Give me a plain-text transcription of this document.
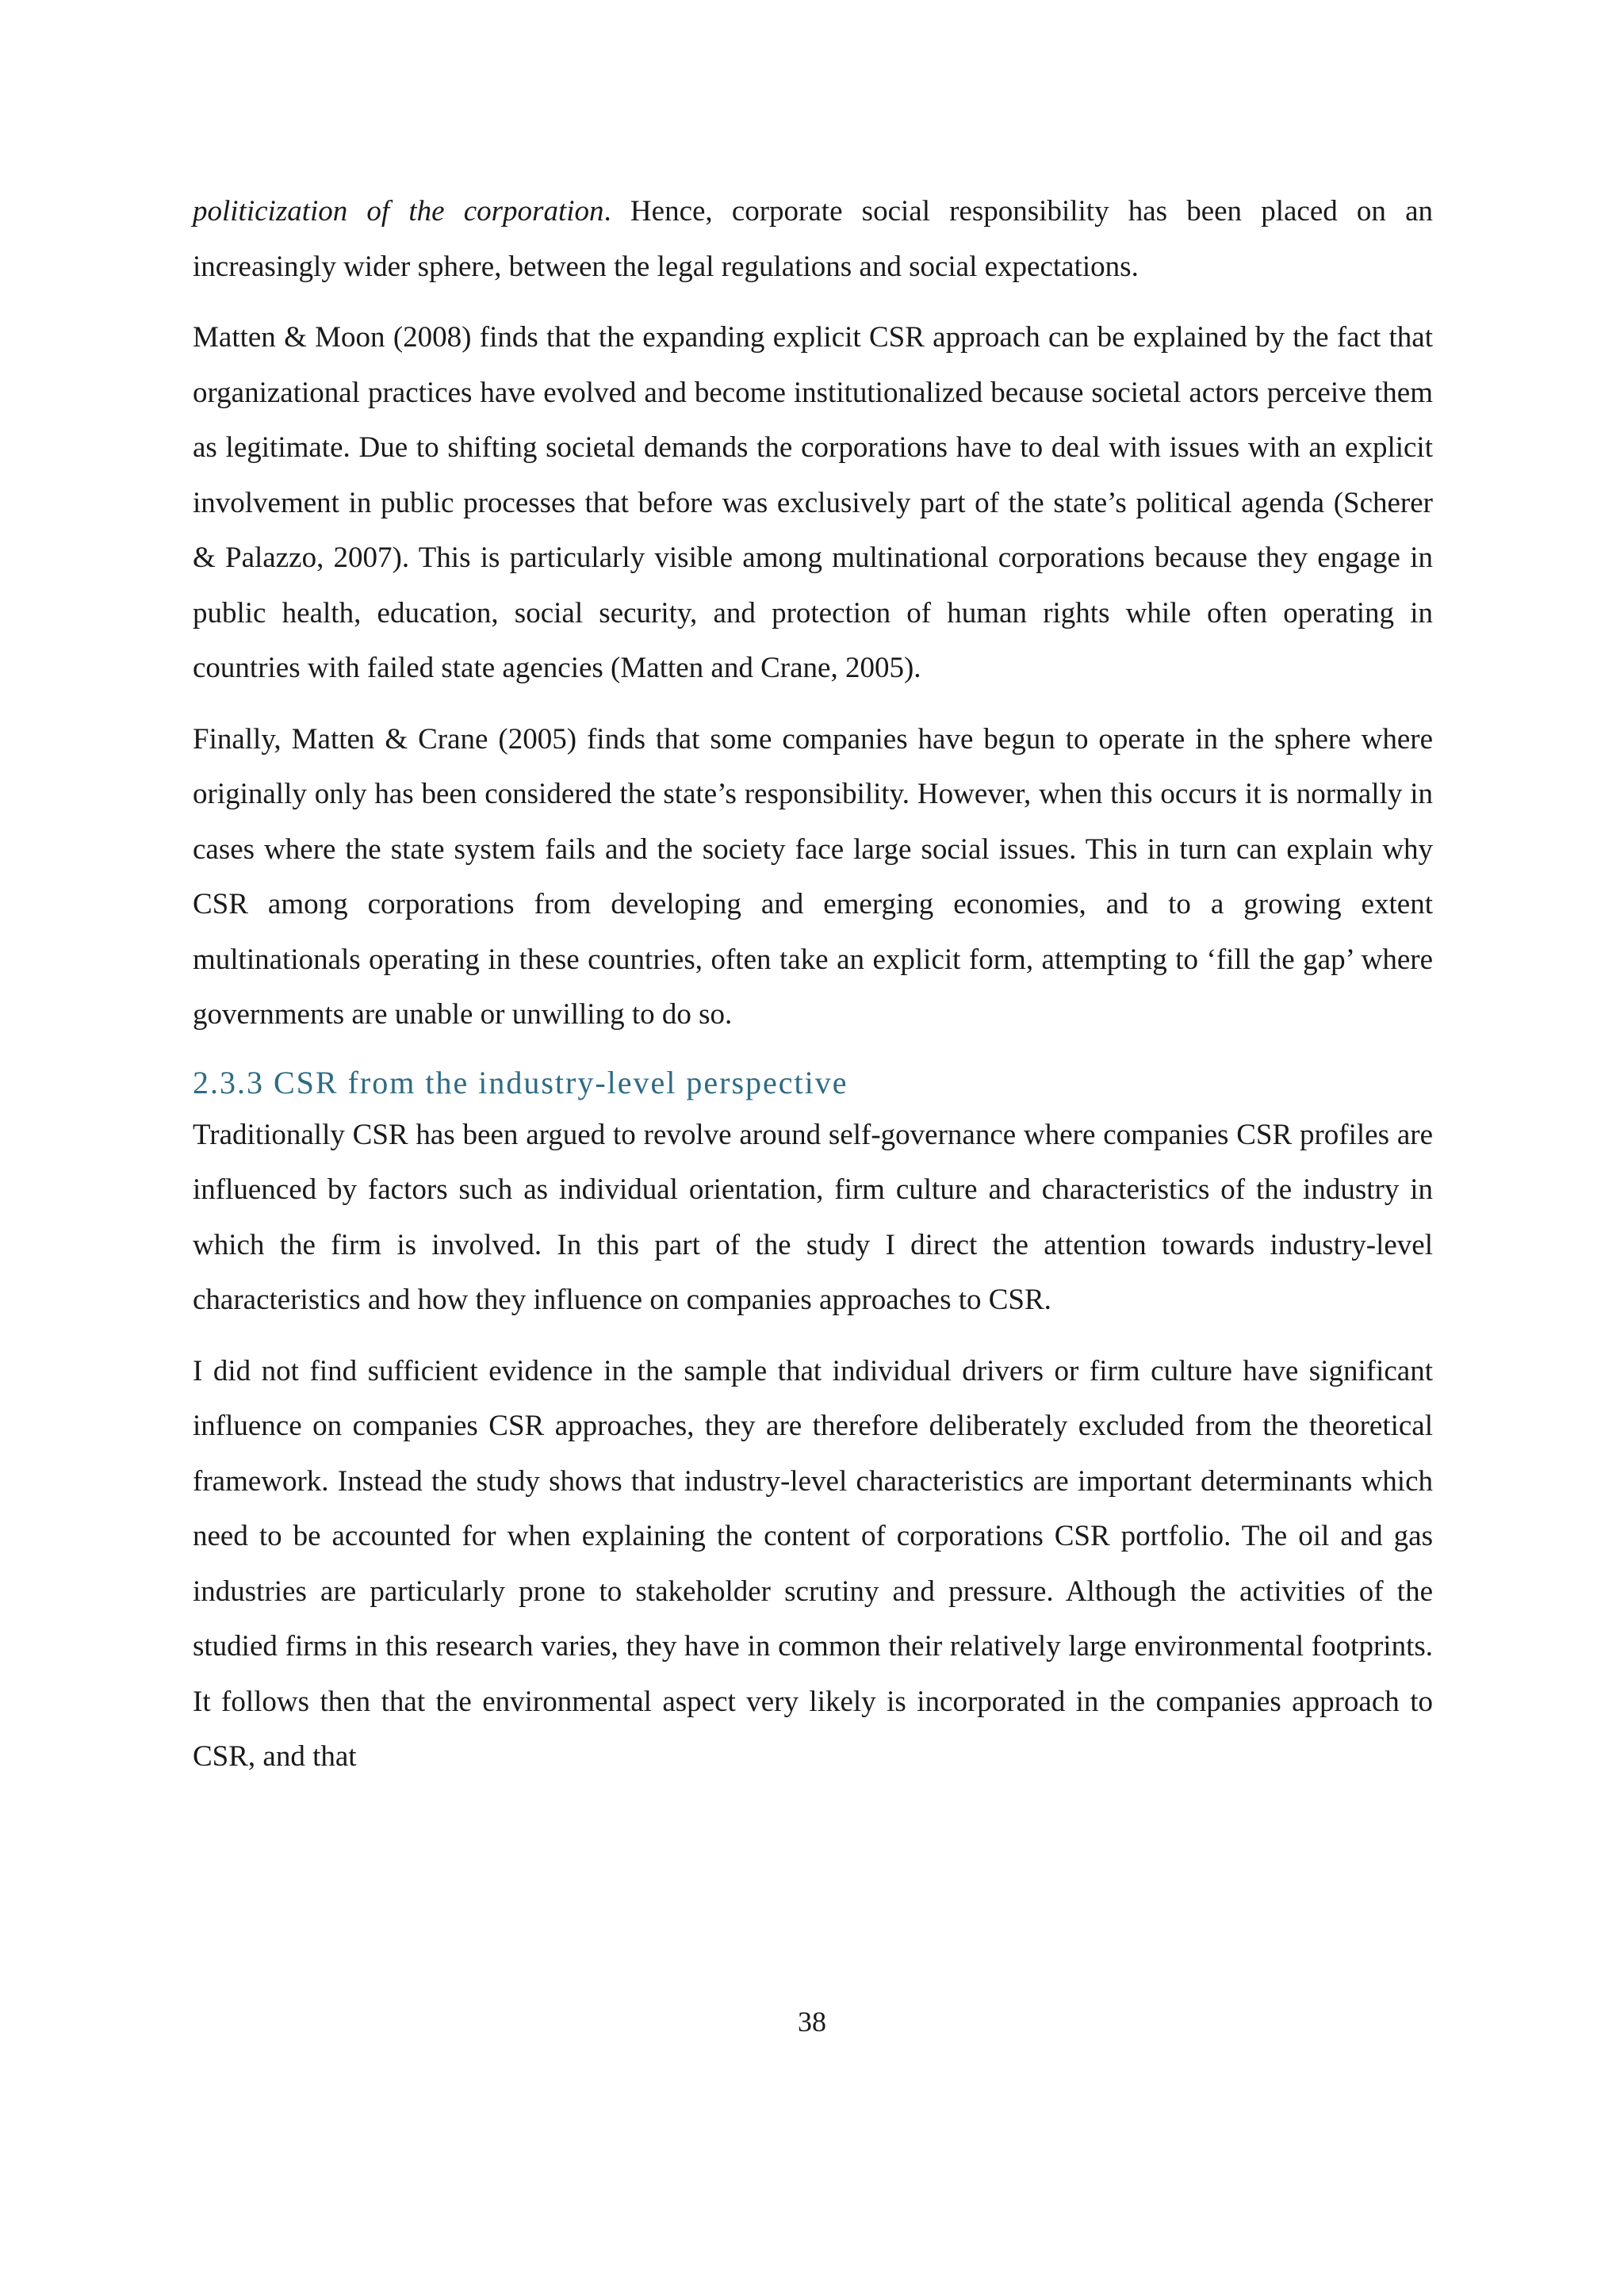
politicization of the corporation. Hence, corporate social responsibility has been placed on an increasingly wider sphere, between the legal regulations and social expectations.

Matten & Moon (2008) finds that the expanding explicit CSR approach can be explained by the fact that organizational practices have evolved and become institutionalized because societal actors perceive them as legitimate. Due to shifting societal demands the corporations have to deal with issues with an explicit involvement in public processes that before was exclusively part of the state’s political agenda (Scherer & Palazzo, 2007). This is particularly visible among multinational corporations because they engage in public health, education, social security, and protection of human rights while often operating in countries with failed state agencies (Matten and Crane, 2005).

Finally, Matten & Crane (2005) finds that some companies have begun to operate in the sphere where originally only has been considered the state’s responsibility. However, when this occurs it is normally in cases where the state system fails and the society face large social issues. This in turn can explain why CSR among corporations from developing and emerging economies, and to a growing extent multinationals operating in these countries, often take an explicit form, attempting to ‘fill the gap’ where governments are unable or unwilling to do so.

2.3.3 CSR from the industry-level perspective

Traditionally CSR has been argued to revolve around self-governance where companies CSR profiles are influenced by factors such as individual orientation, firm culture and characteristics of the industry in which the firm is involved. In this part of the study I direct the attention towards industry-level characteristics and how they influence on companies approaches to CSR.

I did not find sufficient evidence in the sample that individual drivers or firm culture have significant influence on companies CSR approaches, they are therefore deliberately excluded from the theoretical framework. Instead the study shows that industry-level characteristics are important determinants which need to be accounted for when explaining the content of corporations CSR portfolio. The oil and gas industries are particularly prone to stakeholder scrutiny and pressure. Although the activities of the studied firms in this research varies, they have in common their relatively large environmental footprints. It follows then that the environmental aspect very likely is incorporated in the companies approach to CSR, and that

38
